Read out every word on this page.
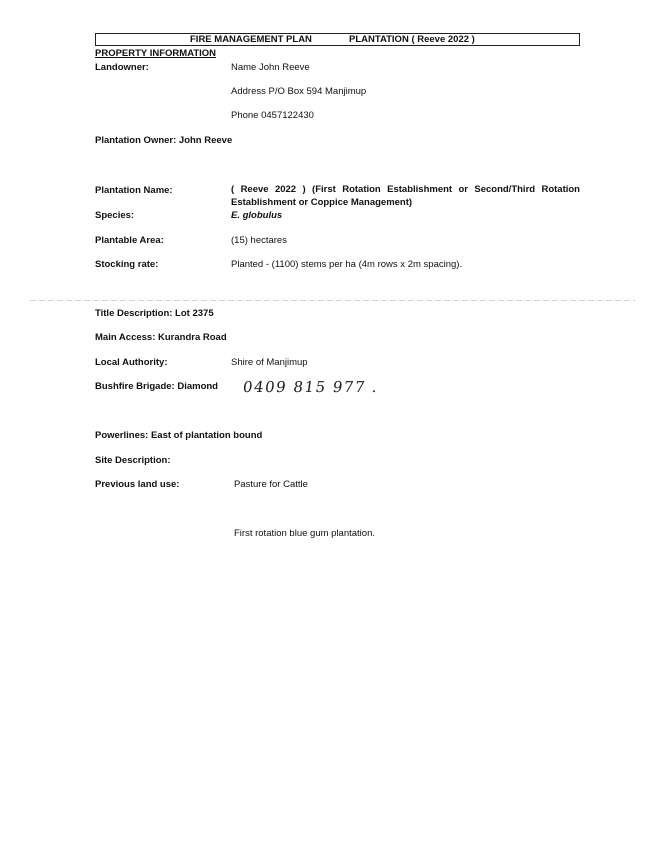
FIRE MANAGEMENT PLAN	PLANTATION ( Reeve 2022 )
PROPERTY INFORMATION
Landowner:	Name John Reeve
Address P/O Box 594 Manjimup
Phone 0457122430
Plantation Owner: John Reeve
Plantation Name:	( Reeve 2022 ) (First Rotation Establishment or Second/Third Rotation Establishment or Coppice Management)
Species:	E. globulus
Plantable Area:	(15) hectares
Stocking rate:	Planted - (1100) stems per ha (4m rows x 2m spacing).
Title Description: Lot 2375
Main Access: Kurandra Road
Local Authority:	Shire of Manjimup
Bushfire Brigade: Diamond 0409 815 977 .
Powerlines: East of plantation bound
Site Description:
Previous land use:	Pasture for Cattle
First rotation blue gum plantation.
